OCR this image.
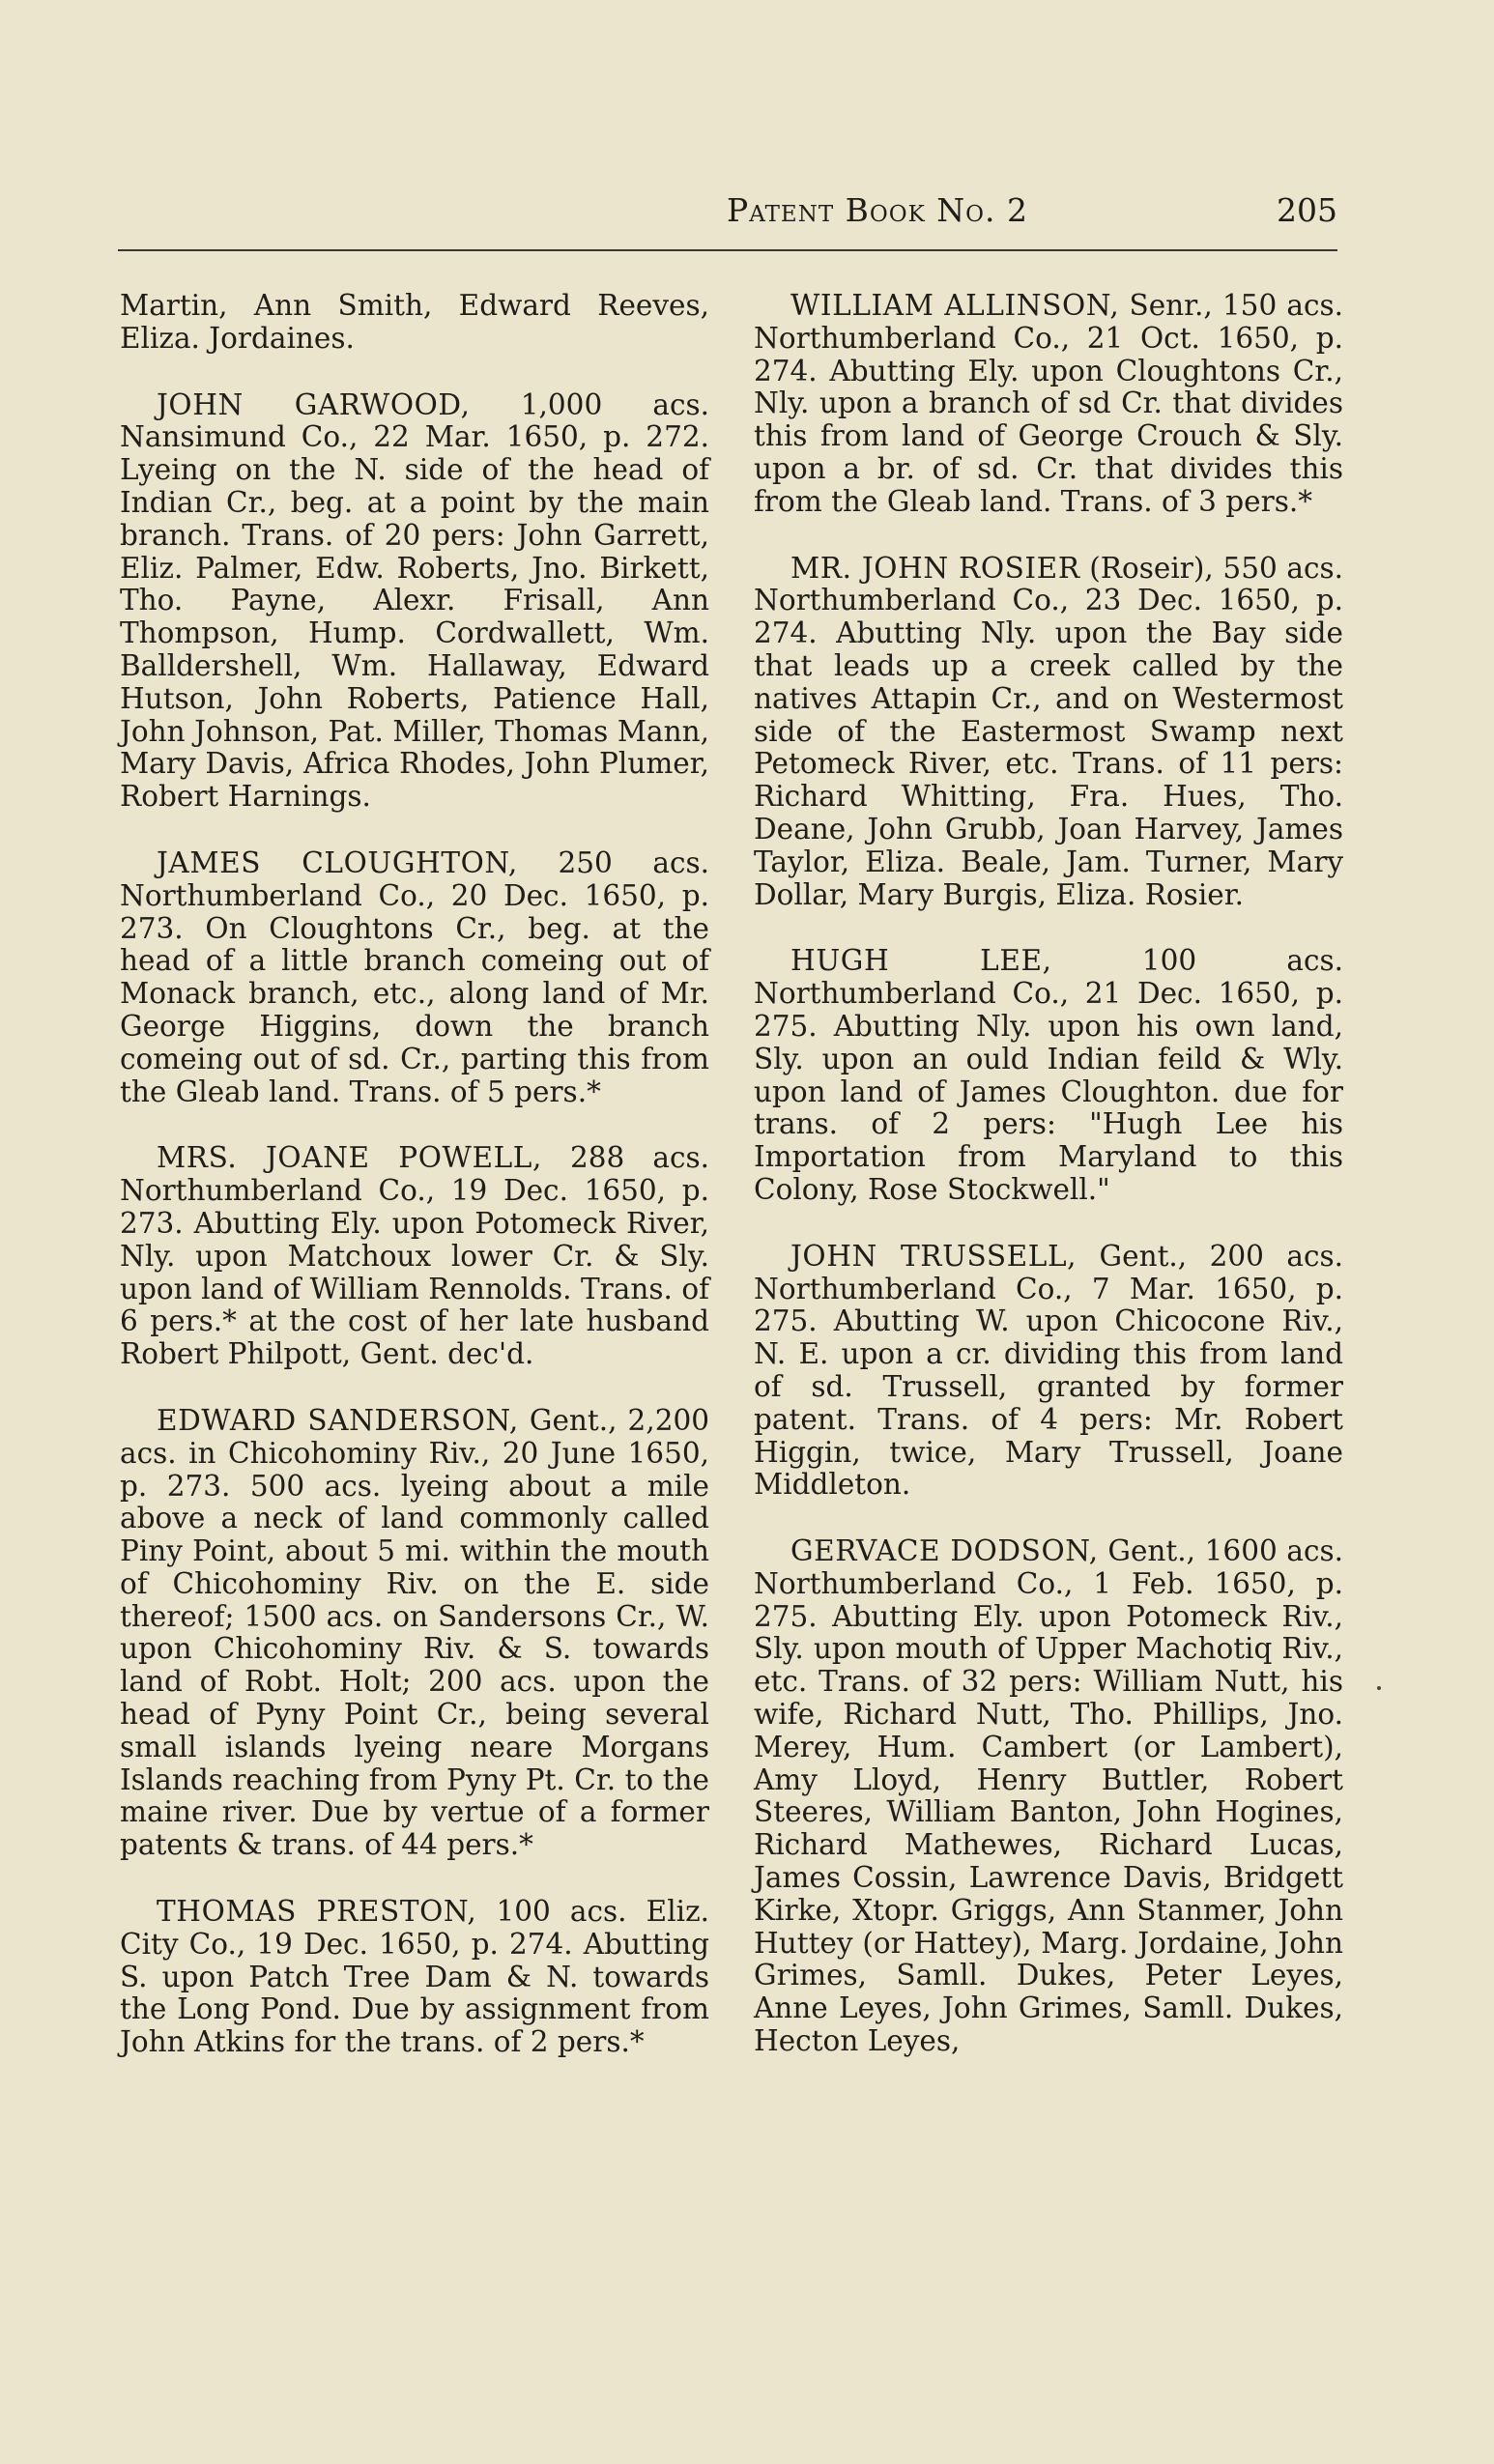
Patent Book No. 2	205

Martin, Ann Smith, Edward Reeves, Eliza. Jordaines.

JOHN GARWOOD, 1,000 acs. Nansimund Co., 22 Mar. 1650, p. 272. Lyeing on the N. side of the head of Indian Cr., beg. at a point by the main branch. Trans. of 20 pers: John Garrett, Eliz. Palmer, Edw. Roberts, Jno. Birkett, Tho. Payne, Alexr. Frisall, Ann Thompson, Hump. Cordwallett, Wm. Balldershell, Wm. Hallaway, Edward Hutson, John Roberts, Patience Hall, John Johnson, Pat. Miller, Thomas Mann, Mary Davis, Africa Rhodes, John Plumer, Robert Harnings.

JAMES CLOUGHTON, 250 acs. Northumberland Co., 20 Dec. 1650, p. 273. On Cloughtons Cr., beg. at the head of a little branch comeing out of Monack branch, etc., along land of Mr. George Higgins, down the branch comeing out of sd. Cr., parting this from the Gleab land. Trans. of 5 pers.*

MRS. JOANE POWELL, 288 acs. Northumberland Co., 19 Dec. 1650, p. 273. Abutting Ely. upon Potomeck River, Nly. upon Matchoux lower Cr. & Sly. upon land of William Rennolds. Trans. of 6 pers.* at the cost of her late husband Robert Philpott, Gent. dec'd.

EDWARD SANDERSON, Gent., 2,200 acs. in Chicohominy Riv., 20 June 1650, p. 273. 500 acs. lyeing about a mile above a neck of land commonly called Piny Point, about 5 mi. within the mouth of Chicohominy Riv. on the E. side thereof; 1500 acs. on Sandersons Cr., W. upon Chicohominy Riv. & S. towards land of Robt. Holt; 200 acs. upon the head of Pyny Point Cr., being several small islands lyeing neare Morgans Islands reaching from Pyny Pt. Cr. to the maine river. Due by vertue of a former patents & trans. of 44 pers.*

THOMAS PRESTON, 100 acs. Eliz. City Co., 19 Dec. 1650, p. 274. Abutting S. upon Patch Tree Dam & N. towards the Long Pond. Due by assignment from John Atkins for the trans. of 2 pers.*

WILLIAM ALLINSON, Senr., 150 acs. Northumberland Co., 21 Oct. 1650, p. 274. Abutting Ely. upon Cloughtons Cr., Nly. upon a branch of sd Cr. that divides this from land of George Crouch & Sly. upon a br. of sd. Cr. that divides this from the Gleab land. Trans. of 3 pers.*

MR. JOHN ROSIER (Roseir), 550 acs. Northumberland Co., 23 Dec. 1650, p. 274. Abutting Nly. upon the Bay side that leads up a creek called by the natives Attapin Cr., and on Westermost side of the Eastermost Swamp next Petomeck River, etc. Trans. of 11 pers: Richard Whitting, Fra. Hues, Tho. Deane, John Grubb, Joan Harvey, James Taylor, Eliza. Beale, Jam. Turner, Mary Dollar, Mary Burgis, Eliza. Rosier.

HUGH LEE, 100 acs. Northumberland Co., 21 Dec. 1650, p. 275. Abutting Nly. upon his own land, Sly. upon an ould Indian feild & Wly. upon land of James Cloughton. due for trans. of 2 pers: "Hugh Lee his Importation from Maryland to this Colony, Rose Stockwell."

JOHN TRUSSELL, Gent., 200 acs. Northumberland Co., 7 Mar. 1650, p. 275. Abutting W. upon Chicocone Riv., N. E. upon a cr. dividing this from land of sd. Trussell, granted by former patent. Trans. of 4 pers: Mr. Robert Higgin, twice, Mary Trussell, Joane Middleton.

GERVACE DODSON, Gent., 1600 acs. Northumberland Co., 1 Feb. 1650, p. 275. Abutting Ely. upon Potomeck Riv., Sly. upon mouth of Upper Machotiq Riv., etc. Trans. of 32 pers: William Nutt, his wife, Richard Nutt, Tho. Phillips, Jno. Merey, Hum. Cambert (or Lambert), Amy Lloyd, Henry Buttler, Robert Steeres, William Banton, John Hogines, Richard Mathewes, Richard Lucas, James Cossin, Lawrence Davis, Bridgett Kirke, Xtopr. Griggs, Ann Stanmer, John Huttey (or Hattey), Marg. Jordaine, John Grimes, Samll. Dukes, Peter Leyes, Anne Leyes, John Grimes, Samll. Dukes, Hecton Leyes,
